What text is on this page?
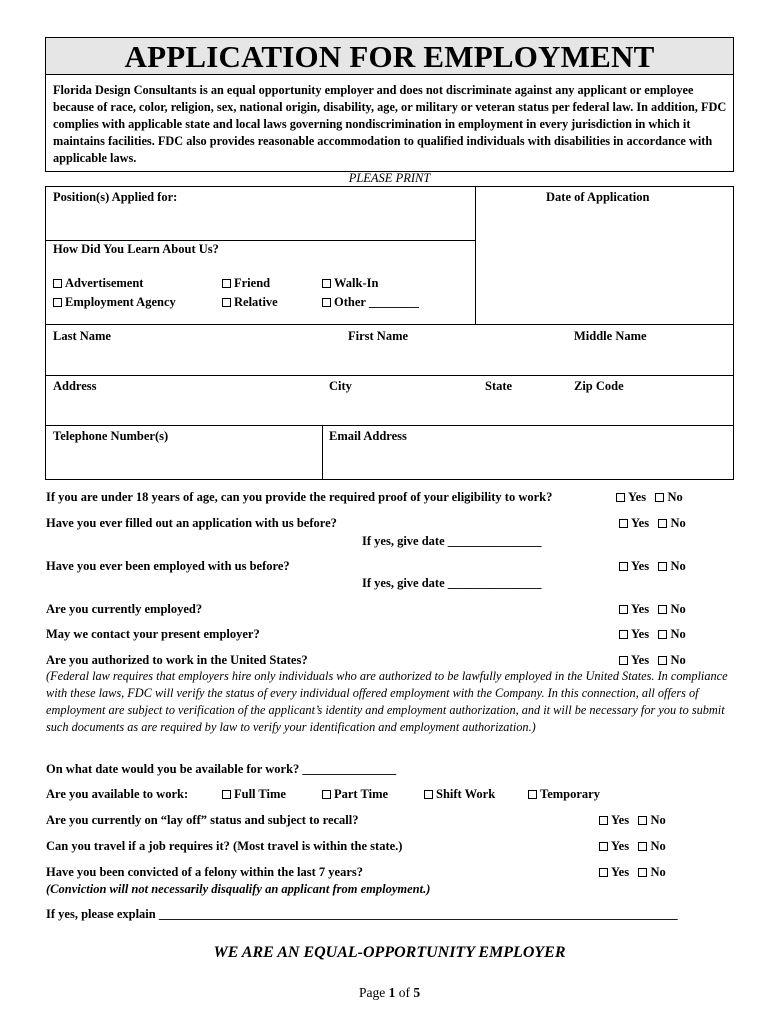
APPLICATION FOR EMPLOYMENT
Florida Design Consultants is an equal opportunity employer and does not discriminate against any applicant or employee because of race, color, religion, sex, national origin, disability, age, or military or veteran status per federal law. In addition, FDC complies with applicable state and local laws governing nondiscrimination in employment in every jurisdiction in which it maintains facilities. FDC also provides reasonable accommodation to qualified individuals with disabilities in accordance with applicable laws.
PLEASE PRINT
Position(s) Applied for:	Date of Application
How Did You Learn About Us?
Advertisement	Friend	Walk-In
Employment Agency	Relative	Other ________
Last Name	First Name	Middle Name
Address	City	State	Zip Code
Telephone Number(s)	Email Address
If you are under 18 years of age, can you provide the required proof of your eligibility to work?	Yes No
Have you ever filled out an application with us before?	Yes No
If yes, give date _______________
Have you ever been employed with us before?	Yes No
If yes, give date _______________
Are you currently employed?	Yes No
May we contact your present employer?	Yes No
Are you authorized to work in the United States?	Yes No
(Federal law requires that employers hire only individuals who are authorized to be lawfully employed in the United States. In compliance with these laws, FDC will verify the status of every individual offered employment with the Company. In this connection, all offers of employment are subject to verification of the applicant’s identity and employment authorization, and it will be necessary for you to submit such documents as are required by law to verify your identification and employment authorization.)
On what date would you be available for work? _______________
Are you available to work:	Full Time	Part Time	Shift Work	Temporary
Are you currently on “lay off” status and subject to recall?	Yes No
Can you travel if a job requires it? (Most travel is within the state.)	Yes No
Have you been convicted of a felony within the last 7 years?	Yes No
(Conviction will not necessarily disqualify an applicant from employment.)
If yes, please explain ___________________________________________________________________________________
WE ARE AN EQUAL-OPPORTUNITY EMPLOYER
Page 1 of 5
